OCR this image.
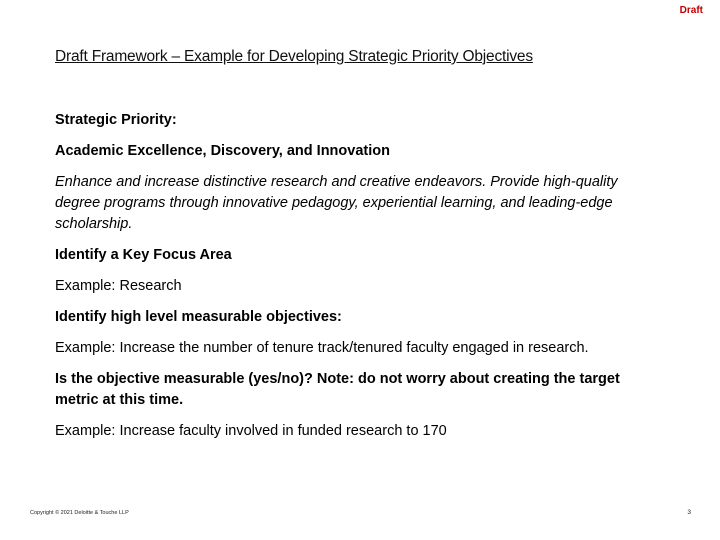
Draft
Draft Framework – Example for Developing Strategic Priority Objectives

Strategic Priority:

Academic Excellence, Discovery, and Innovation

Enhance and increase distinctive research and creative endeavors. Provide high-quality degree programs through innovative pedagogy, experiential learning, and leading-edge scholarship.

Identify a Key Focus Area

Example: Research

Identify high level measurable objectives:

Example: Increase the number of tenure track/tenured faculty engaged in research.

Is the objective measurable (yes/no)? Note: do not worry about creating the target metric at this time.

Example: Increase faculty involved in funded research to 170

Copyright © 2021 Deloitte & Touche LLP	3
